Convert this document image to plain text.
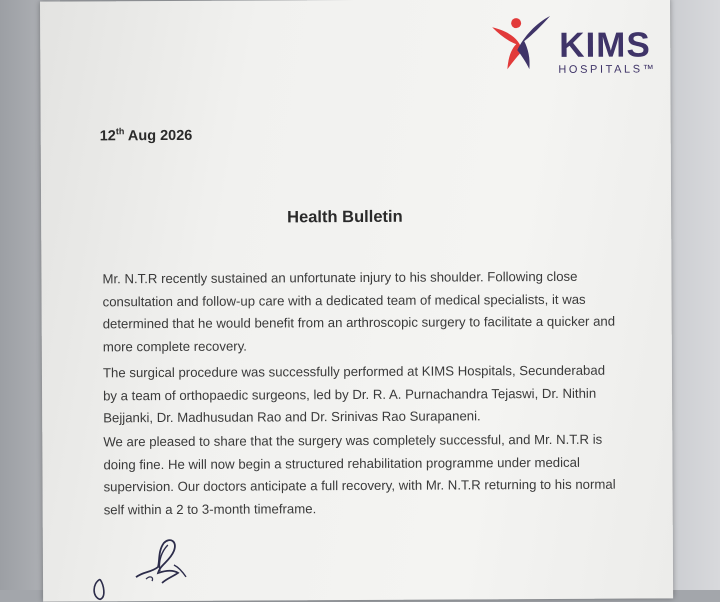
KIMS
HOSPITALS™
12th Aug 2026
Health Bulletin

Mr. N.T.R recently sustained an unfortunate injury to his shoulder. Following close consultation and follow-up care with a dedicated team of medical specialists, it was determined that he would benefit from an arthroscopic surgery to facilitate a quicker and more complete recovery.

The surgical procedure was successfully performed at KIMS Hospitals, Secunderabad by a team of orthopaedic surgeons, led by Dr. R. A. Purnachandra Tejaswi, Dr. Nithin Bejjanki, Dr. Madhusudan Rao and Dr. Srinivas Rao Surapaneni.

We are pleased to share that the surgery was completely successful, and Mr. N.T.R is doing fine. He will now begin a structured rehabilitation programme under medical supervision. Our doctors anticipate a full recovery, with Mr. N.T.R returning to his normal self within a 2 to 3-month timeframe.
